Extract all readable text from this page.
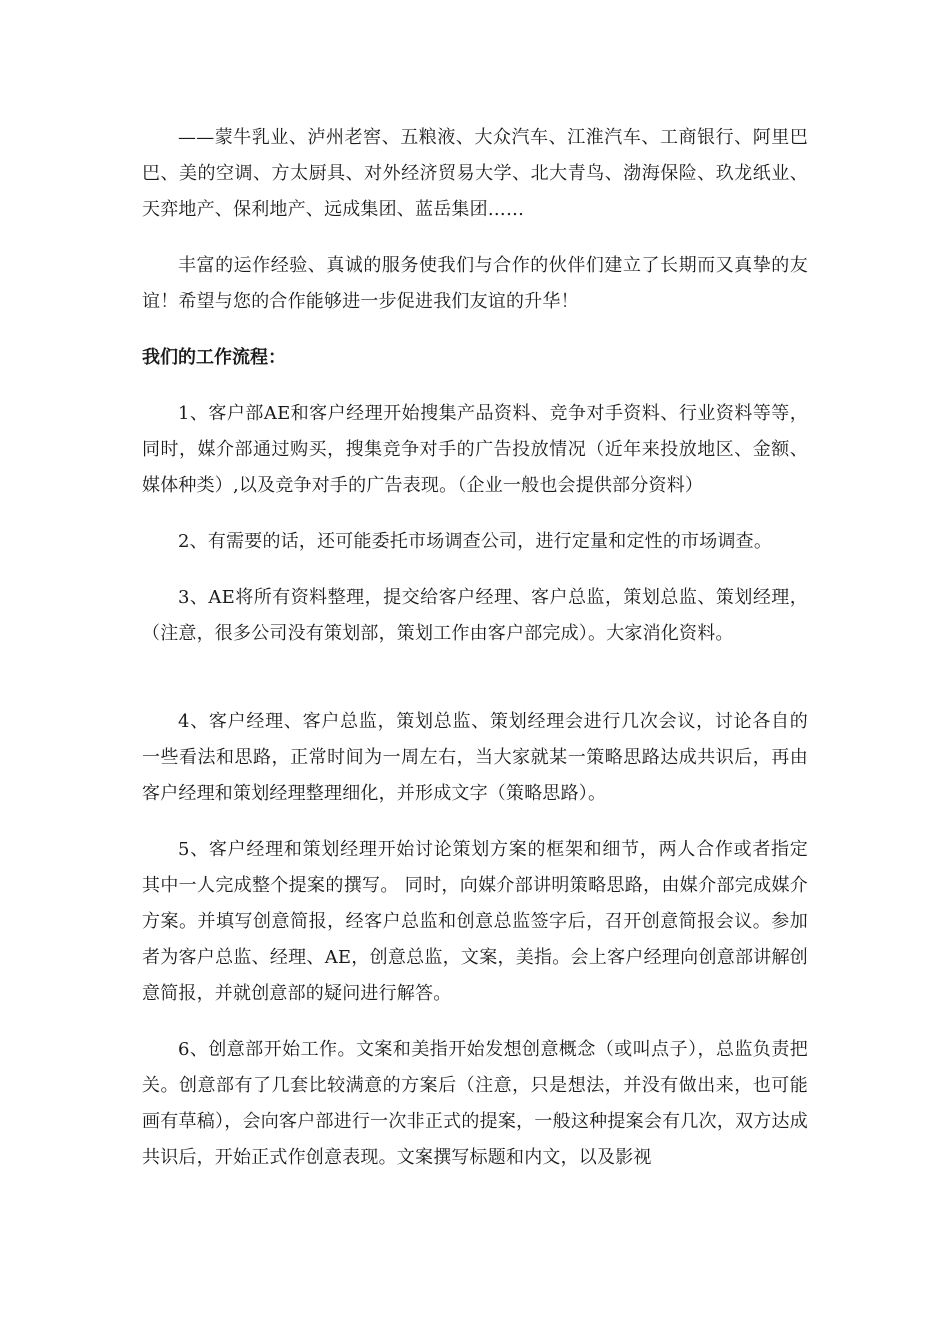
——蒙牛乳业、泸州老窖、五粮液、大众汽车、江淮汽车、工商银行、阿里巴巴、美的空调、方太厨具、对外经济贸易大学、北大青鸟、渤海保险、玖龙纸业、天弈地产、保利地产、远成集团、蓝岳集团……

丰富的运作经验、真诚的服务使我们与合作的伙伴们建立了长期而又真挚的友谊！希望与您的合作能够进一步促进我们友谊的升华！

我们的工作流程：

1、客户部AE和客户经理开始搜集产品资料、竞争对手资料、行业资料等等，同时，媒介部通过购买，搜集竞争对手的广告投放情况（近年来投放地区、金额、媒体种类）,以及竞争对手的广告表现。（企业一般也会提供部分资料）

2、有需要的话，还可能委托市场调查公司，进行定量和定性的市场调查。

3、AE将所有资料整理，提交给客户经理、客户总监，策划总监、策划经理，（注意，很多公司没有策划部，策划工作由客户部完成）。大家消化资料。

4、客户经理、客户总监，策划总监、策划经理会进行几次会议，讨论各自的一些看法和思路，正常时间为一周左右，当大家就某一策略思路达成共识后，再由客户经理和策划经理整理细化，并形成文字（策略思路）。

5、客户经理和策划经理开始讨论策划方案的框架和细节，两人合作或者指定其中一人完成整个提案的撰写。 同时，向媒介部讲明策略思路，由媒介部完成媒介方案。并填写创意简报，经客户总监和创意总监签字后，召开创意简报会议。参加者为客户总监、经理、AE，创意总监，文案，美指。会上客户经理向创意部讲解创意简报，并就创意部的疑问进行解答。

6、创意部开始工作。文案和美指开始发想创意概念（或叫点子），总监负责把关。创意部有了几套比较满意的方案后（注意，只是想法，并没有做出来，也可能画有草稿），会向客户部进行一次非正式的提案，一般这种提案会有几次，双方达成共识后，开始正式作创意表现。文案撰写标题和内文，以及影视
